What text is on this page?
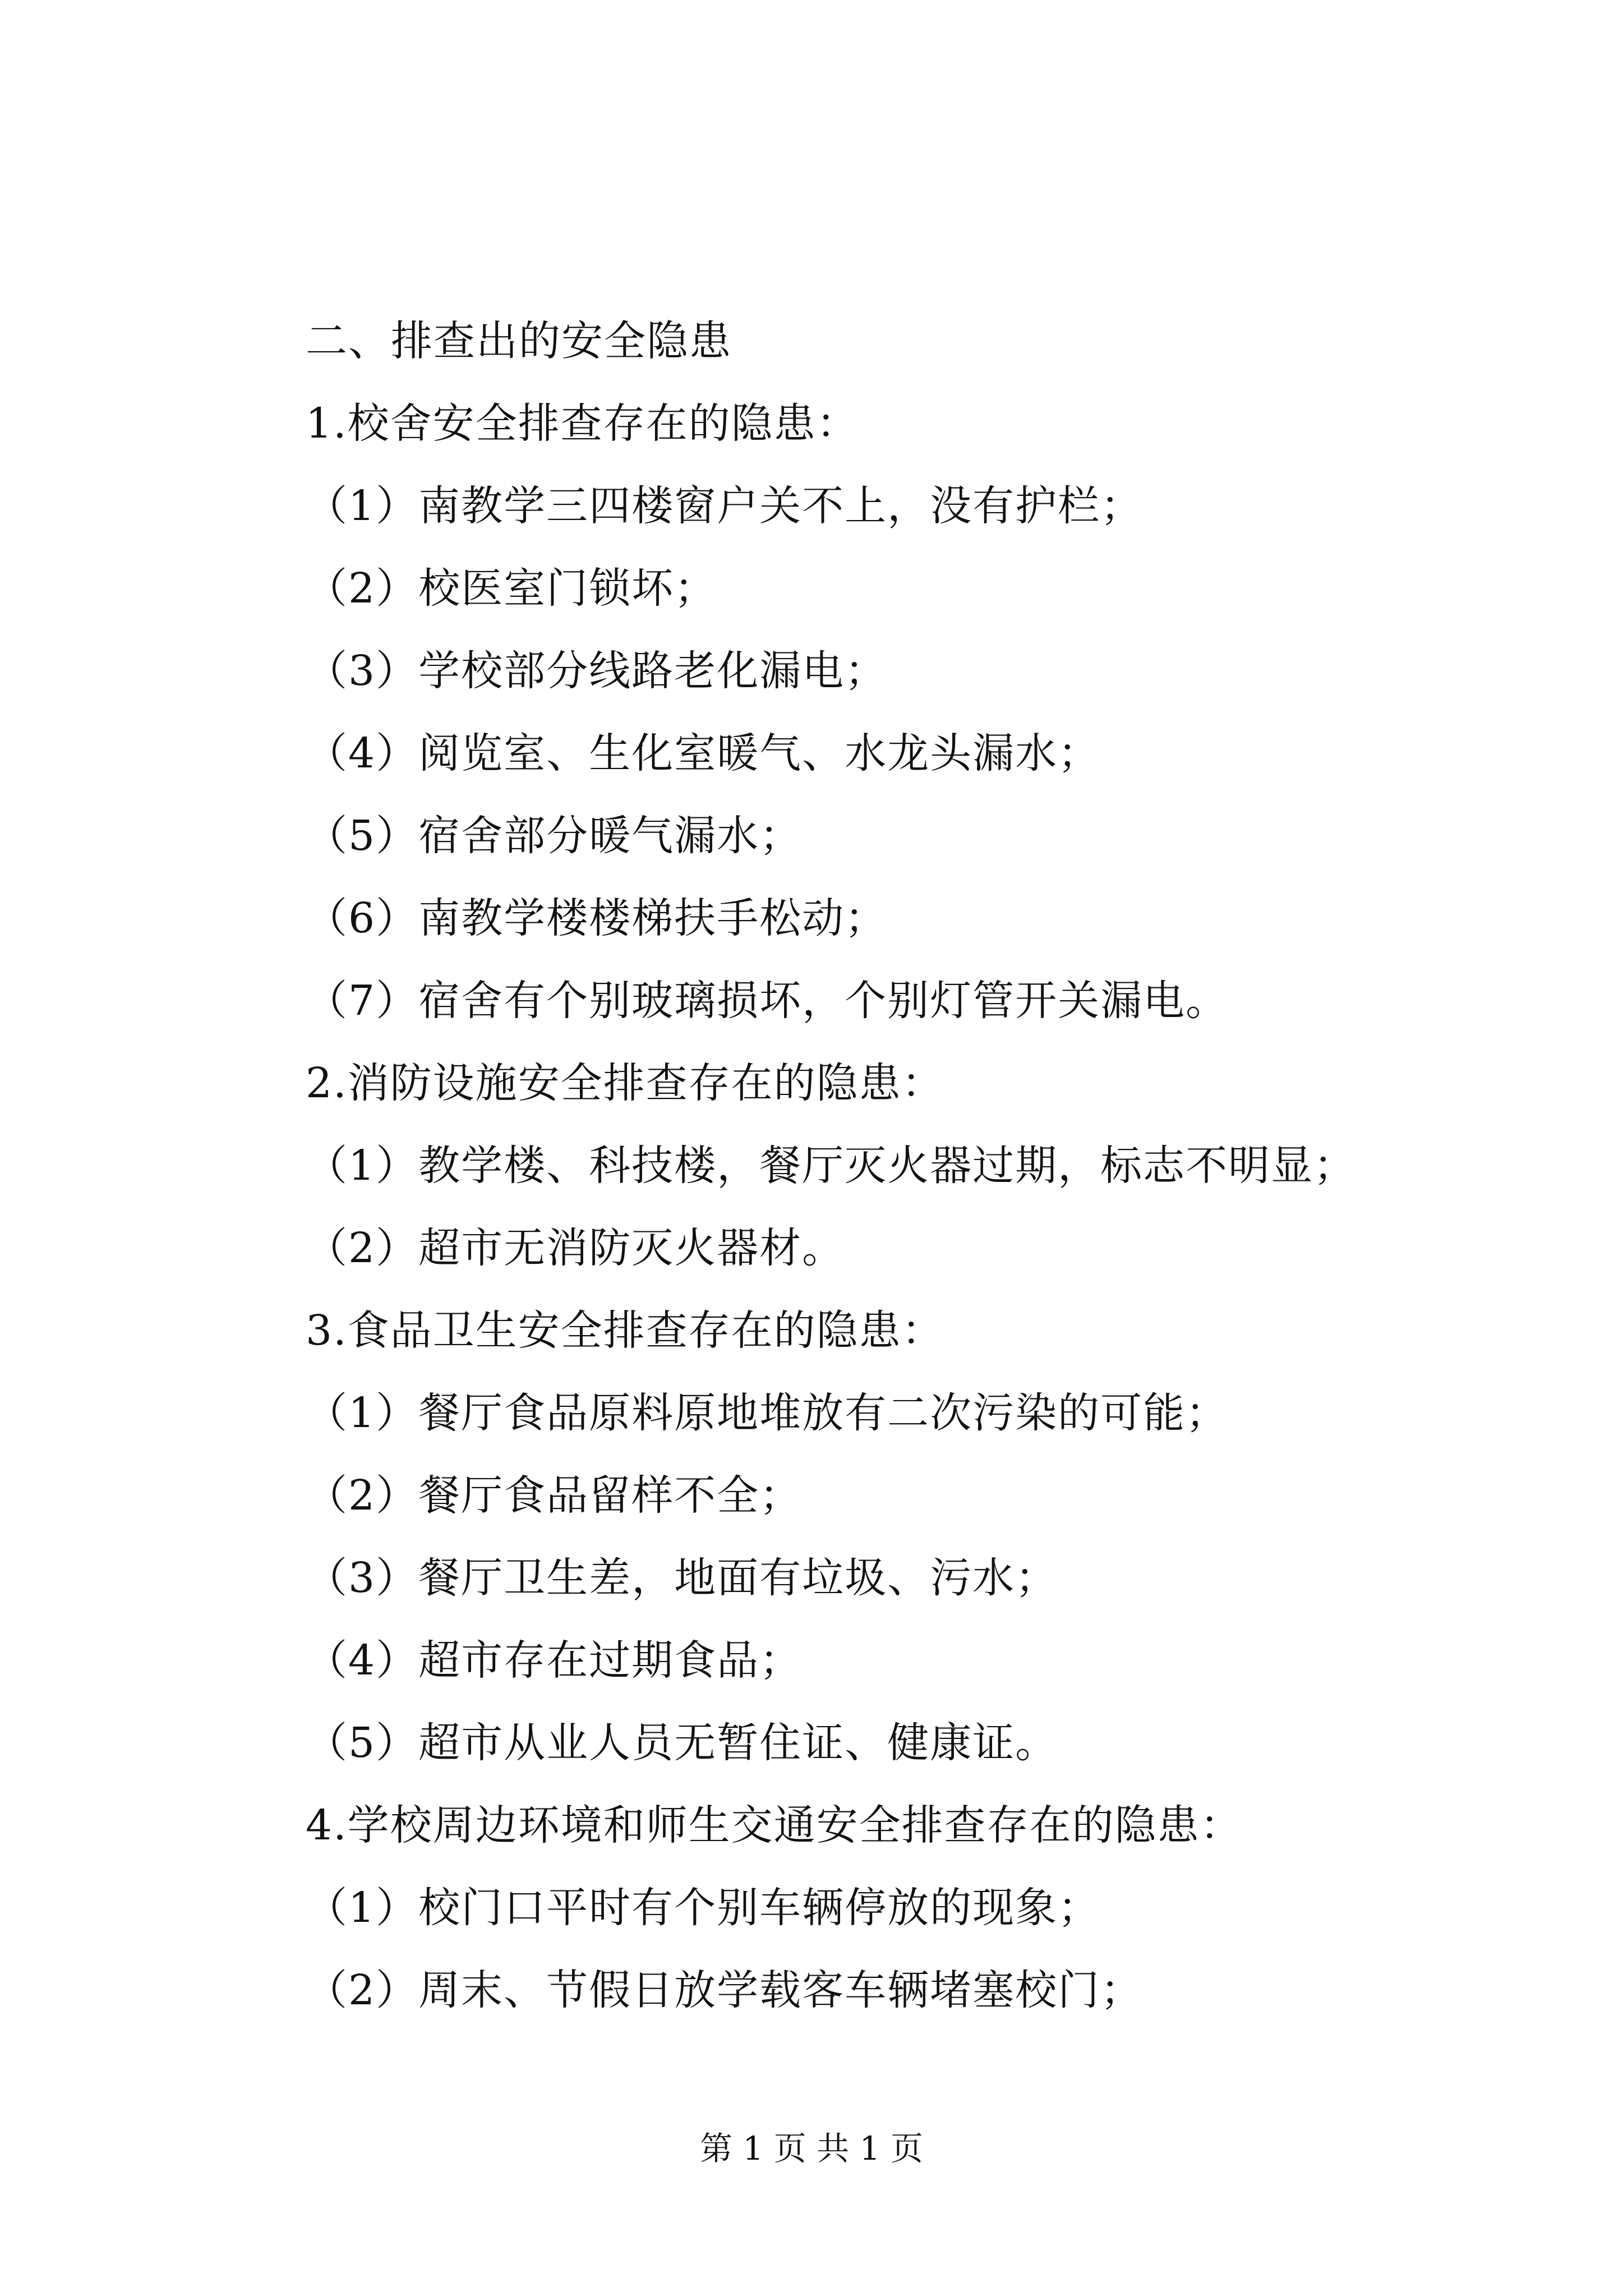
二、排查出的安全隐患
1.校舍安全排查存在的隐患：
（1）南教学三四楼窗户关不上，没有护栏；
（2）校医室门锁坏；
（3）学校部分线路老化漏电；
（4）阅览室、生化室暖气、水龙头漏水；
（5）宿舍部分暖气漏水；
（6）南教学楼楼梯扶手松动；
（7）宿舍有个别玻璃损坏，个别灯管开关漏电。
2.消防设施安全排查存在的隐患：
（1）教学楼、科技楼，餐厅灭火器过期，标志不明显；
（2）超市无消防灭火器材。
3.食品卫生安全排查存在的隐患：
（1）餐厅食品原料原地堆放有二次污染的可能；
（2）餐厅食品留样不全；
（3）餐厅卫生差，地面有垃圾、污水；
（4）超市存在过期食品；
（5）超市从业人员无暂住证、健康证。
4.学校周边环境和师生交通安全排查存在的隐患：
（1）校门口平时有个别车辆停放的现象；
（2）周末、节假日放学载客车辆堵塞校门；
第 1 页 共 1 页
